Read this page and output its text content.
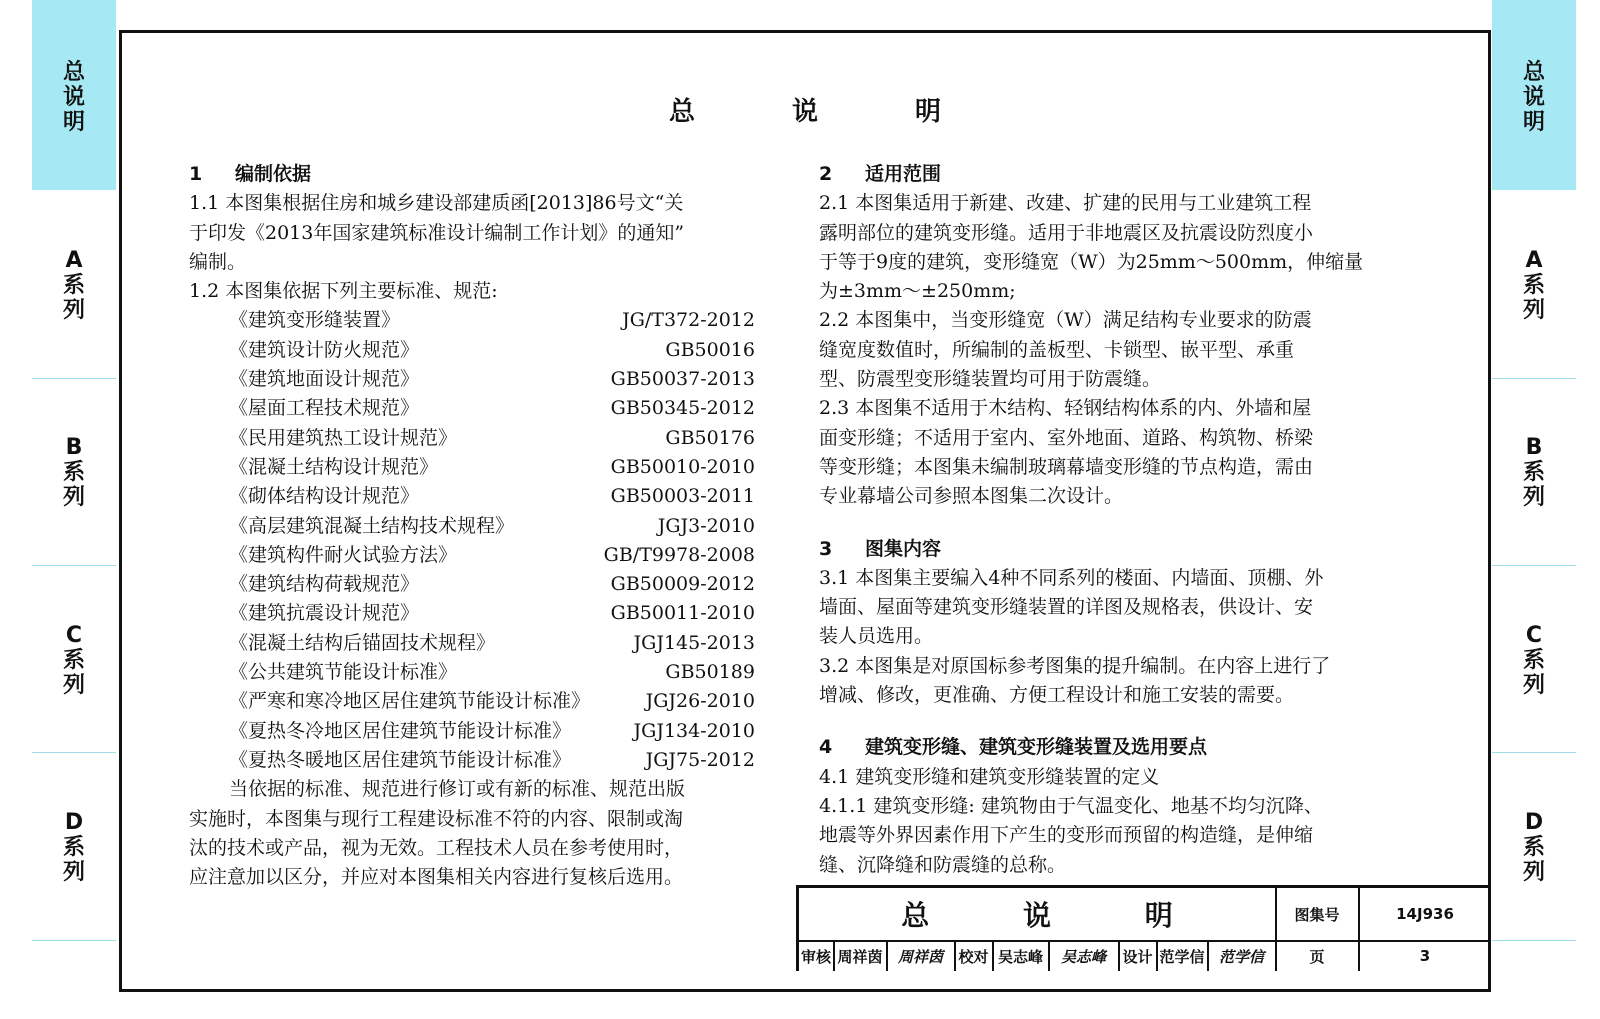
总说明
A系列
B系列
C系列
D系列
总说明
A系列
B系列
C系列
D系列
总 说 明
1 编制依据
1.1 本图集根据住房和城乡建设部建质函[2013]86号文“关
于印发《2013年国家建筑标准设计编制工作计划》的通知”
编制。
1.2 本图集依据下列主要标准、规范:
《建筑变形缝装置》	JG/T372-2012
《建筑设计防火规范》	GB50016
《建筑地面设计规范》	GB50037-2013
《屋面工程技术规范》	GB50345-2012
《民用建筑热工设计规范》	GB50176
《混凝土结构设计规范》	GB50010-2010
《砌体结构设计规范》	GB50003-2011
《高层建筑混凝土结构技术规程》	JGJ3-2010
《建筑构件耐火试验方法》	GB/T9978-2008
《建筑结构荷载规范》	GB50009-2012
《建筑抗震设计规范》	GB50011-2010
《混凝土结构后锚固技术规程》	JGJ145-2013
《公共建筑节能设计标准》	GB50189
《严寒和寒冷地区居住建筑节能设计标准》	JGJ26-2010
《夏热冬冷地区居住建筑节能设计标准》	JGJ134-2010
《夏热冬暖地区居住建筑节能设计标准》	JGJ75-2012
当依据的标准、规范进行修订或有新的标准、规范出版
实施时，本图集与现行工程建设标准不符的内容、限制或淘
汰的技术或产品，视为无效。工程技术人员在参考使用时，
应注意加以区分，并应对本图集相关内容进行复核后选用。
2 适用范围
2.1 本图集适用于新建、改建、扩建的民用与工业建筑工程
露明部位的建筑变形缝。适用于非地震区及抗震设防烈度小
于等于9度的建筑，变形缝宽（W）为25mm～500mm，伸缩量
为±3mm～±250mm;
2.2 本图集中，当变形缝宽（W）满足结构专业要求的防震
缝宽度数值时，所编制的盖板型、卡锁型、嵌平型、承重
型、防震型变形缝装置均可用于防震缝。
2.3 本图集不适用于木结构、轻钢结构体系的内、外墙和屋
面变形缝；不适用于室内、室外地面、道路、构筑物、桥梁
等变形缝；本图集未编制玻璃幕墙变形缝的节点构造，需由
专业幕墙公司参照本图集二次设计。
3 图集内容
3.1 本图集主要编入4种不同系列的楼面、内墙面、顶棚、外
墙面、屋面等建筑变形缝装置的详图及规格表，供设计、安
装人员选用。
3.2 本图集是对原国标参考图集的提升编制。在内容上进行了
增减、修改，更准确、方便工程设计和施工安装的需要。
4 建筑变形缝、建筑变形缝装置及选用要点
4.1 建筑变形缝和建筑变形缝装置的定义
4.1.1 建筑变形缝: 建筑物由于气温变化、地基不均匀沉降、
地震等外界因素作用下产生的变形而预留的构造缝，是伸缩
缝、沉降缝和防震缝的总称。
总 说 明	图集号	14J936
审核 周祥茵	周祥茵	校对 吴志峰	吴志峰	设计 范学信 范学信	页	3
